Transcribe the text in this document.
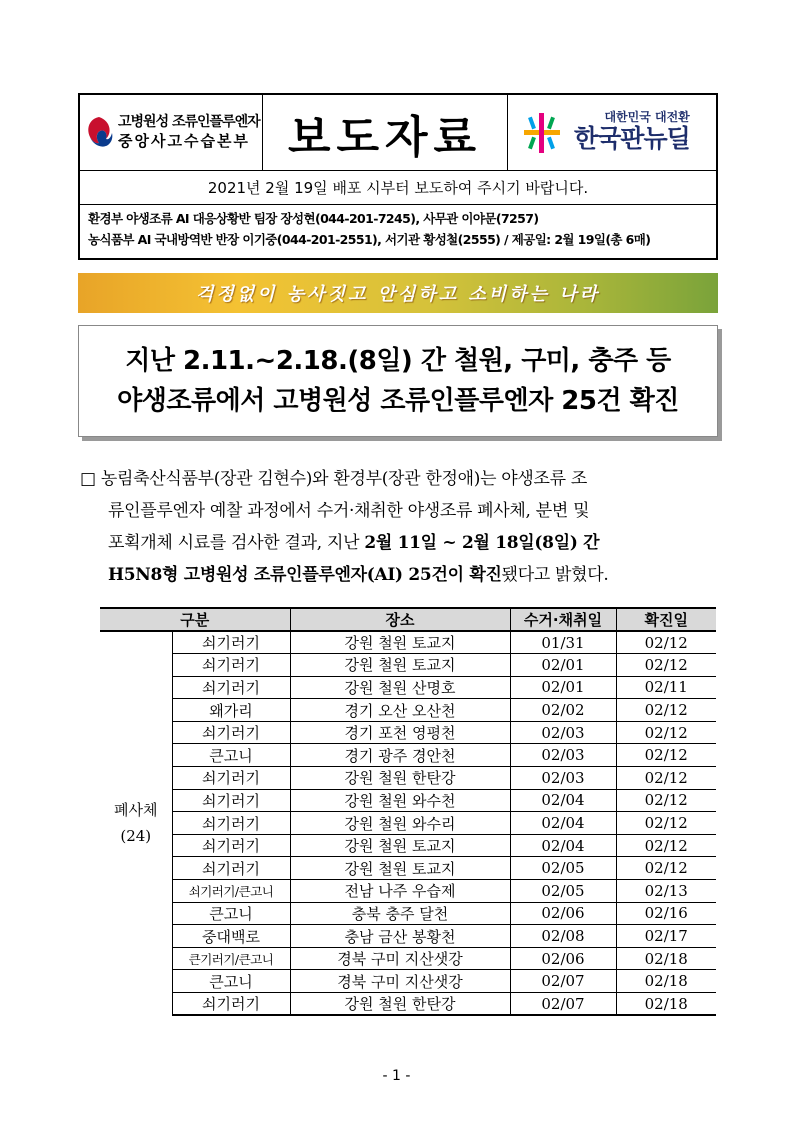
고병원성 조류인플루엔자
중앙사고수습본부 보도자료	대한민국 대전환
한국판뉴딜
2021년 2월 19일 배포 시부터 보도하여 주시기 바랍니다.
환경부 야생조류 AI 대응상황반 팀장 장성현(044-201-7245), 사무관 이야문(7257)
농식품부 AI 국내방역반 반장 이기중(044-201-2551), 서기관 황성철(2555) / 제공일: 2월 19일(총 6매)
걱정없이 농사짓고 안심하고 소비하는 나라
지난 2.11.~2.18.(8일) 간 철원, 구미, 충주 등
야생조류에서 고병원성 조류인플루엔자 25건 확진
□ 농림축산식품부(장관 김현수)와 환경부(장관 한정애)는 야생조류 조
류인플루엔자 예찰 과정에서 수거·채취한 야생조류 폐사체, 분변 및
포획개체 시료를 검사한 결과, 지난 2월 11일 ~ 2월 18일(8일) 간
H5N8형 고병원성 조류인플루엔자(AI) 25건이 확진됐다고 밝혔다.
구분		장소	수거·채취일	확진일

폐사체
(24)	쇠기러기	강원 철원 토교지	01/31	02/12
	쇠기러기	강원 철원 토교지	02/01	02/12
	쇠기러기	강원 철원 산명호	02/01	02/11
	왜가리	경기 오산 오산천	02/02	02/12
	쇠기러기	경기 포천 영평천	02/03	02/12
	큰고니	경기 광주 경안천	02/03	02/12
	쇠기러기	강원 철원 한탄강	02/03	02/12
	쇠기러기	강원 철원 와수천	02/04	02/12
	쇠기러기	강원 철원 와수리	02/04	02/12
	쇠기러기	강원 철원 토교지	02/04	02/12
	쇠기러기	강원 철원 토교지	02/05	02/12
	쇠기러기/큰고니	전남 나주 우습제	02/05	02/13
	큰고니	충북 충주 달천	02/06	02/16
	중대백로	충남 금산 봉황천	02/08	02/17
	큰기러기/큰고니	경북 구미 지산샛강	02/06	02/18
	큰고니	경북 구미 지산샛강	02/07	02/18
	쇠기러기	강원 철원 한탄강	02/07	02/18
- 1 -
